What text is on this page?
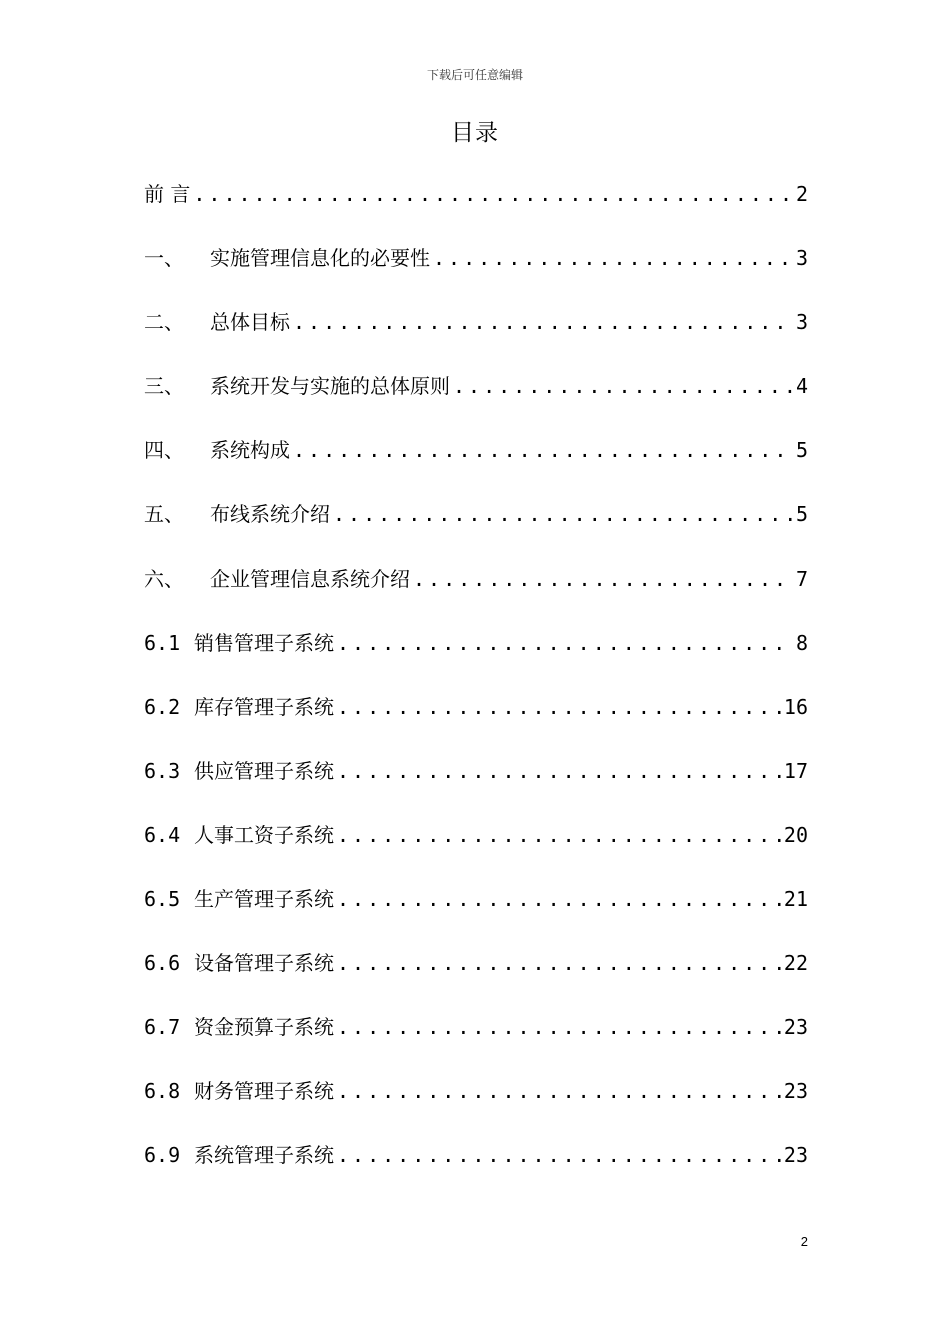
下载后可任意编辑
目录
前 言 .....	2
一、	实施管理信息化的必要性 .....	3
二、	总体目标 .....	3
三、	系统开发与实施的总体原则 .....	4
四、	系统构成 .....	5
五、	布线系统介绍 .....	5
六、	企业管理信息系统介绍 .....	7
6.1 销售管理子系统 .....	8
6.2 库存管理子系统 .....	16
6.3 供应管理子系统 .....	17
6.4 人事工资子系统 .....	20
6.5 生产管理子系统 .....	21
6.6 设备管理子系统 .....	22
6.7 资金预算子系统 .....	23
6.8 财务管理子系统 .....	23
6.9 系统管理子系统 .....	23
2
